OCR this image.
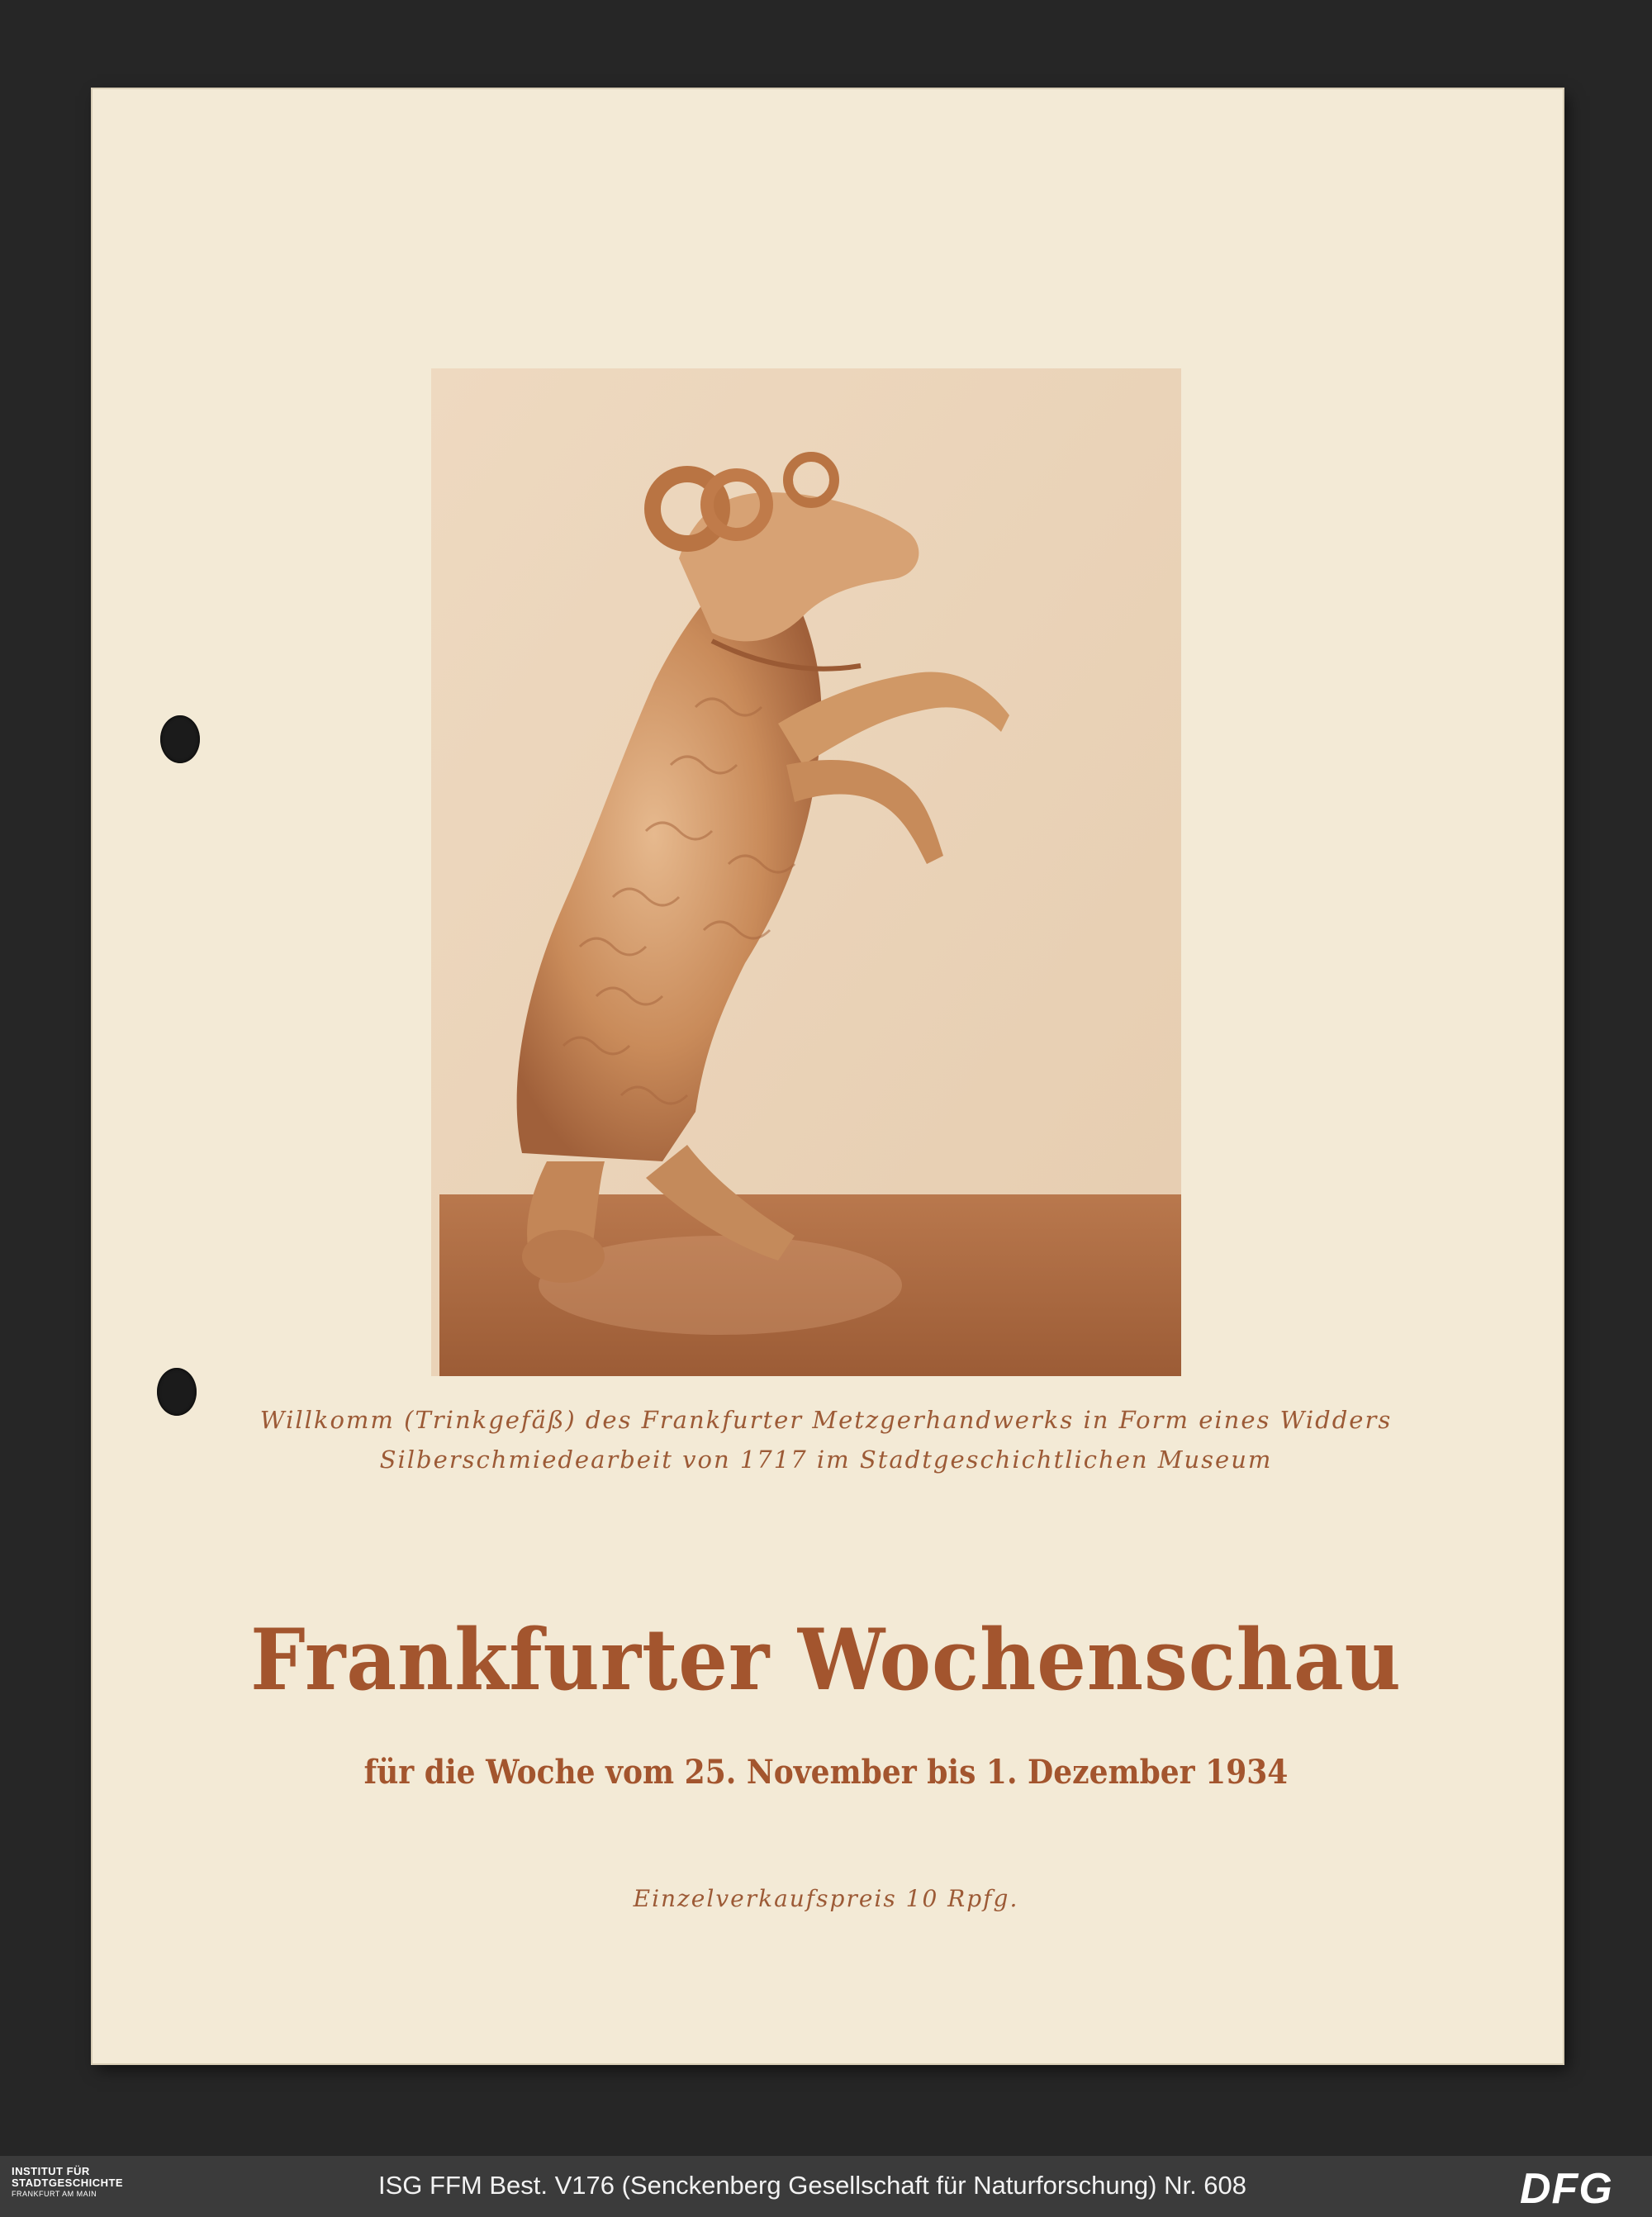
Willkomm (Trinkgefäß) des Frankfurter Metzgerhandwerks in Form eines Widders
Silberschmiedearbeit von 1717 im Stadtgeschichtlichen Museum
Frankfurter Wochenschau
für die Woche vom 25. November bis 1. Dezember 1934
Einzelverkaufspreis 10 Rpfg.
INSTITUT FÜR
STADTGESCHICHTE
FRANKFURT AM MAIN	ISG FFM Best. V176 (Senckenberg Gesellschaft für Naturforschung) Nr. 608	DFG
